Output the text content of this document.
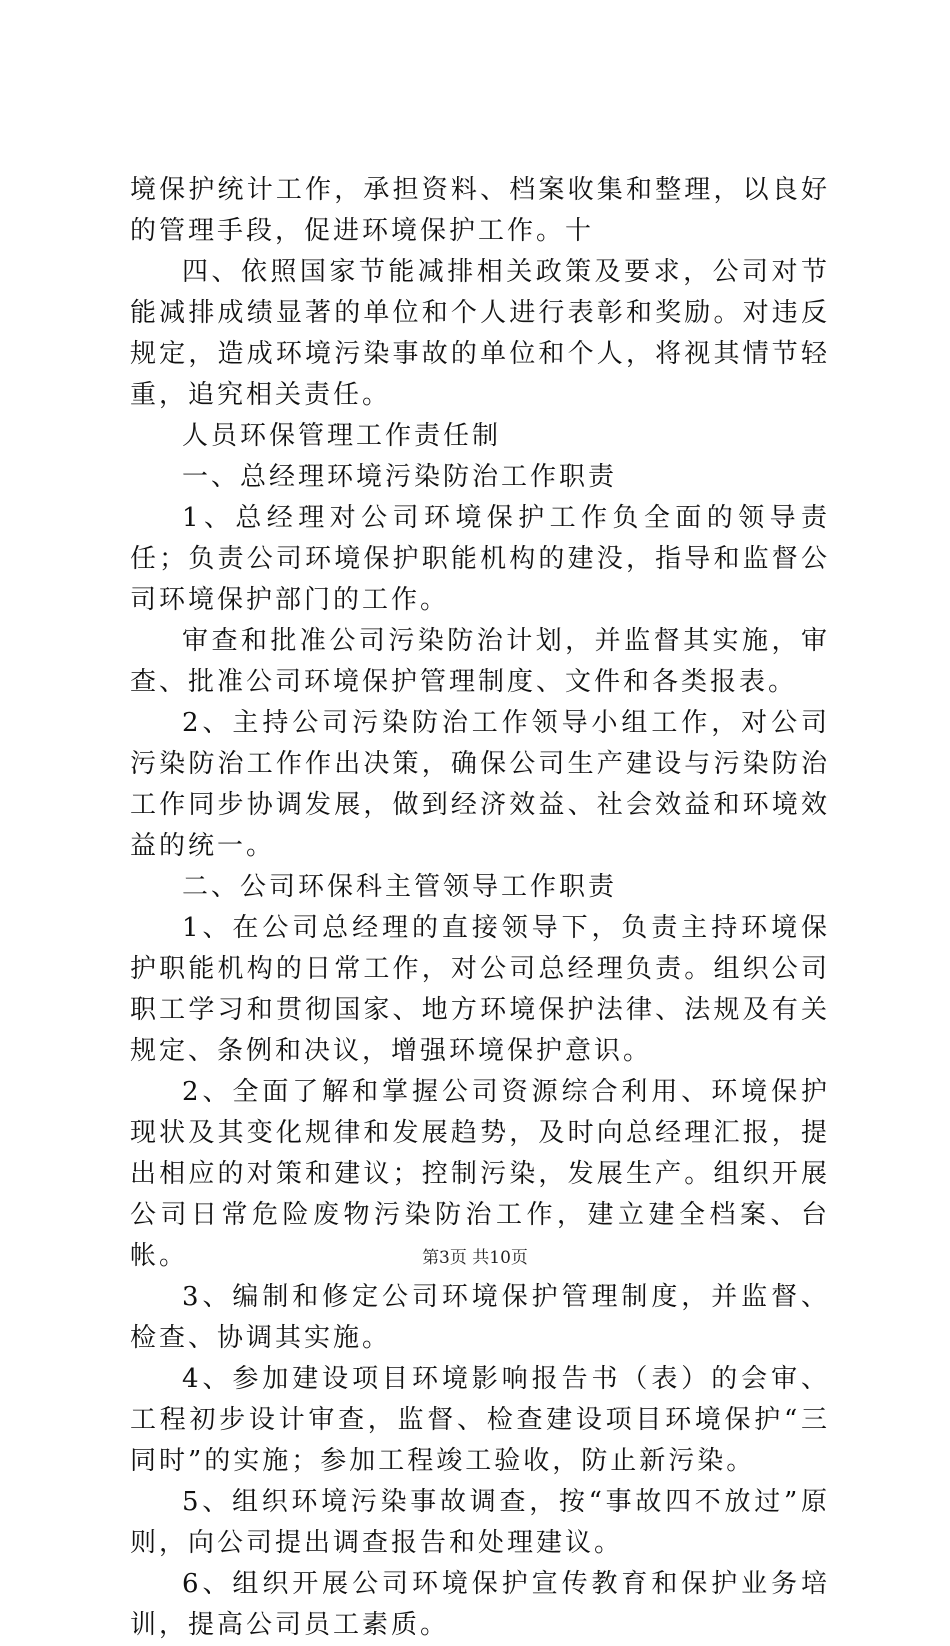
境保护统计工作，承担资料、档案收集和整理，以良好的管理手段，促进环境保护工作。十

四、依照国家节能减排相关政策及要求，公司对节能减排成绩显著的单位和个人进行表彰和奖励。对违反规定，造成环境污染事故的单位和个人，将视其情节轻重，追究相关责任。

人员环保管理工作责任制

一、总经理环境污染防治工作职责

1、总经理对公司环境保护工作负全面的领导责任；负责公司环境保护职能机构的建没，指导和监督公司环境保护部门的工作。

审查和批准公司污染防治计划，并监督其实施，审查、批准公司环境保护管理制度、文件和各类报表。

2、主持公司污染防治工作领导小组工作，对公司污染防治工作作出决策，确保公司生产建设与污染防治工作同步协调发展，做到经济效益、社会效益和环境效益的统一。

二、公司环保科主管领导工作职责

1、在公司总经理的直接领导下，负责主持环境保护职能机构的日常工作，对公司总经理负责。组织公司职工学习和贯彻国家、地方环境保护法律、法规及有关规定、条例和决议，增强环境保护意识。

2、全面了解和掌握公司资源综合利用、环境保护现状及其变化规律和发展趋势，及时向总经理汇报，提出相应的对策和建议；控制污染，发展生产。组织开展公司日常危险废物污染防治工作，建立建全档案、台帐。

3、编制和修定公司环境保护管理制度，并监督、检查、协调其实施。

4、参加建设项目环境影响报告书（表）的会审、工程初步设计审查，监督、检查建设项目环境保护“三同时”的实施；参加工程竣工验收，防止新污染。

5、组织环境污染事故调查，按“事故四不放过”原则，向公司提出调查报告和处理建议。

6、组织开展公司环境保护宣传教育和保护业务培训，提高公司员工素质。

第3页 共10页
